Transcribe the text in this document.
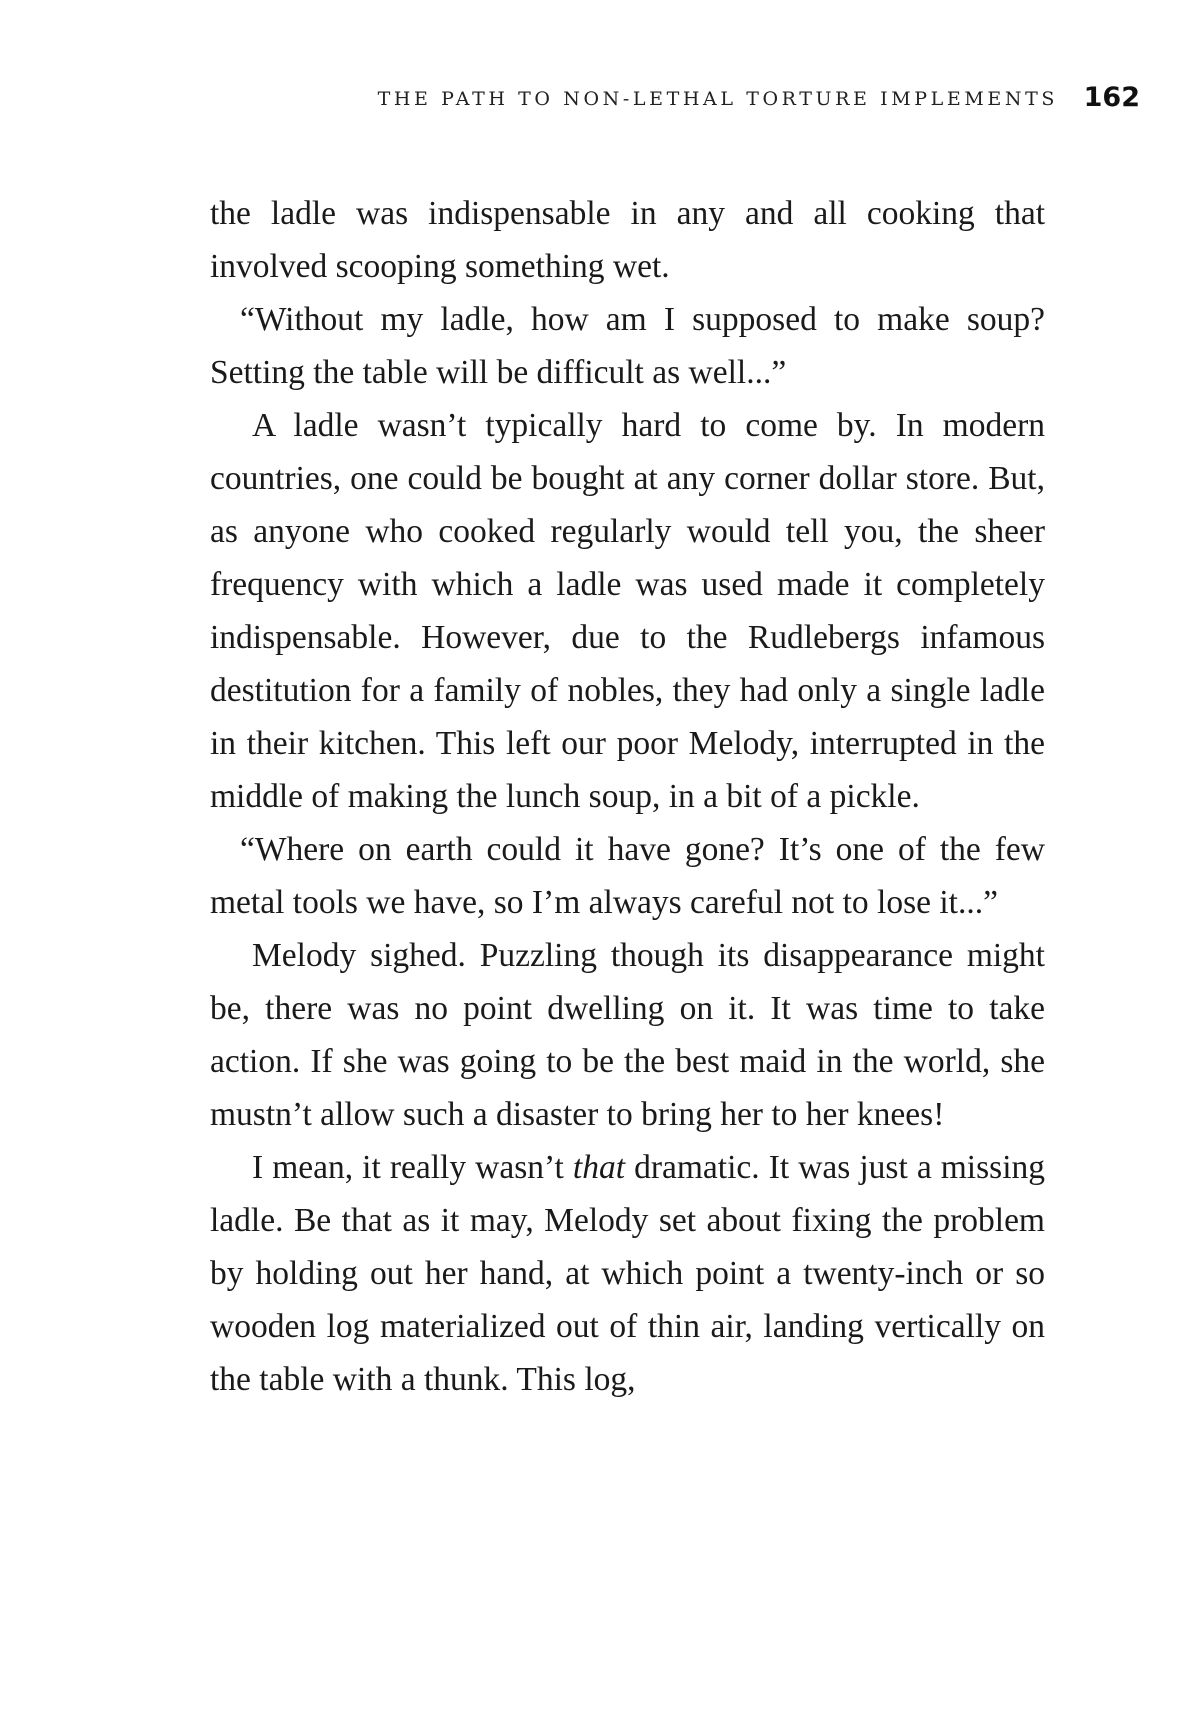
THE PATH TO NON-LETHAL TORTURE IMPLEMENTS 162

the ladle was indispensable in any and all cooking that involved scooping something wet.

“Without my ladle, how am I supposed to make soup? Setting the table will be difficult as well...”

A ladle wasn’t typically hard to come by. In modern countries, one could be bought at any corner dollar store. But, as anyone who cooked regularly would tell you, the sheer frequency with which a ladle was used made it completely indispensable. However, due to the Rudlebergs infamous destitution for a family of nobles, they had only a single ladle in their kitchen. This left our poor Melody, interrupted in the middle of making the lunch soup, in a bit of a pickle.

“Where on earth could it have gone? It’s one of the few metal tools we have, so I’m always careful not to lose it...”

Melody sighed. Puzzling though its disappearance might be, there was no point dwelling on it. It was time to take action. If she was going to be the best maid in the world, she mustn’t allow such a disaster to bring her to her knees!

I mean, it really wasn’t that dramatic. It was just a missing ladle. Be that as it may, Melody set about fixing the problem by holding out her hand, at which point a twenty-inch or so wooden log materialized out of thin air, landing vertically on the table with a thunk. This log,
